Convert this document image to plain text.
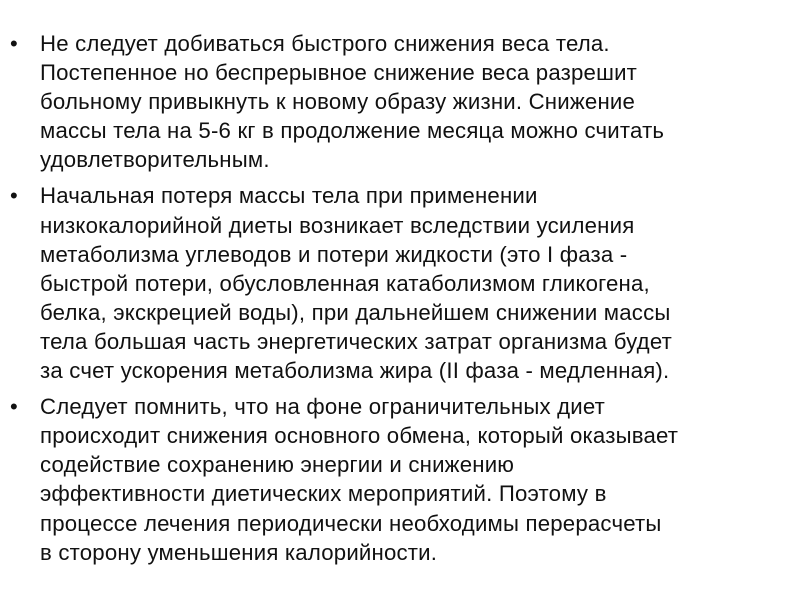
• Не следует добиваться быстрого снижения веса тела.
Постепенное но беспрерывное снижение веса разрешит
больному привыкнуть к новому образу жизни. Снижение
массы тела на 5-6 кг в продолжение месяца можно считать
удовлетворительным.
• Начальная потеря массы тела при применении
низкокалорийной диеты возникает вследствии усиления
метаболизма углеводов и потери жидкости (это I фаза -
быстрой потери, обусловленная катаболизмом гликогена,
белка, экскрецией воды), при дальнейшем снижении массы
тела большая часть энергетических затрат организма будет
за счет ускорения метаболизма жира (II фаза - медленная).
• Следует помнить, что на фоне ограничительных диет
происходит снижения основного обмена, который оказывает
содействие сохранению энергии и снижению
эффективности диетических мероприятий. Поэтому в
процессе лечения периодически необходимы перерасчеты
в сторону уменьшения калорийности.
